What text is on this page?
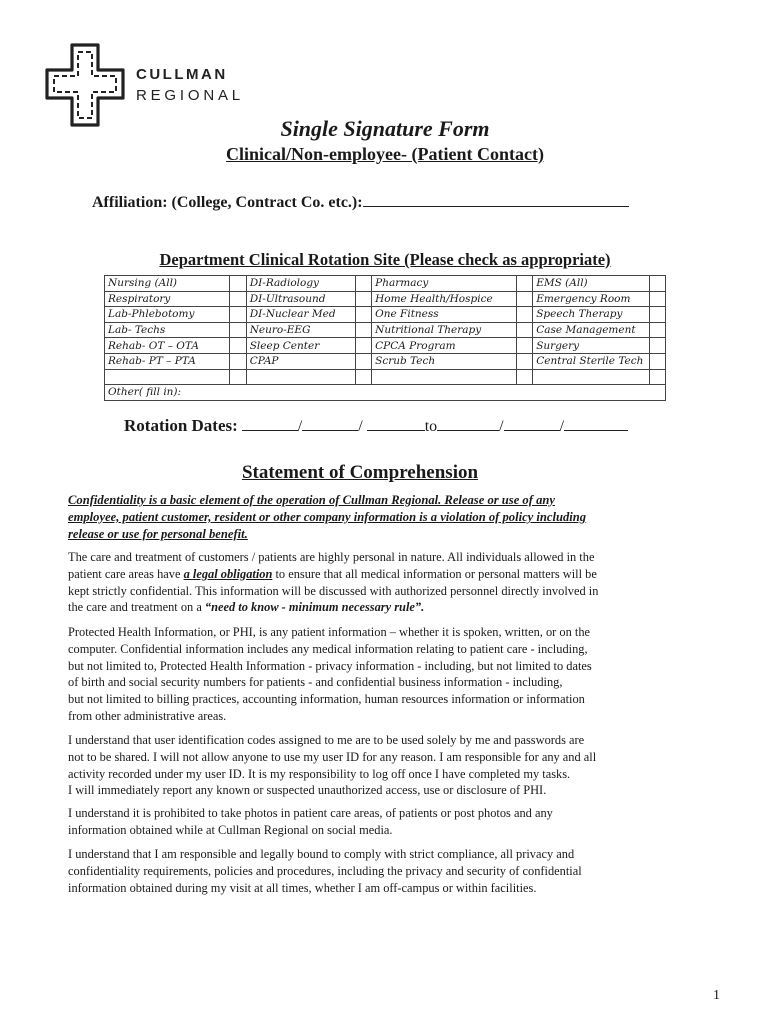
CULLMAN
REGIONAL
Single Signature Form
Clinical/Non-employee- (Patient Contact)
Affiliation: (College, Contract Co. etc.):
Department Clinical Rotation Site (Please check as appropriate)
Nursing (All)		DI-Radiology		Pharmacy		EMS (All)	
Respiratory		DI-Ultrasound		Home Health/Hospice		Emergency Room	
Lab-Phlebotomy		DI-Nuclear Med		One Fitness		Speech Therapy	
Lab- Techs		Neuro-EEG		Nutritional Therapy		Case Management	
Rehab- OT – OTA		Sleep Center		CPCA Program		Surgery	
Rehab- PT – PTA		CPAP		Scrub Tech		Central Sterile Tech	

Other( fill in):							
Rotation Dates:	/	/	to	/	/
Statement of Comprehension
Confidentiality is a basic element of the operation of Cullman Regional. Release or use of any
employee, patient customer, resident or other company information is a violation of policy including
release or use for personal benefit.
The care and treatment of customers / patients are highly personal in nature. All individuals allowed in the
patient care areas have a legal obligation to ensure that all medical information or personal matters will be
kept strictly confidential. This information will be discussed with authorized personnel directly involved in
the care and treatment on a “need to know - minimum necessary rule”.
Protected Health Information, or PHI, is any patient information – whether it is spoken, written, or on the
computer. Confidential information includes any medical information relating to patient care - including,
but not limited to, Protected Health Information - privacy information - including, but not limited to dates
of birth and social security numbers for patients - and confidential business information - including,
but not limited to billing practices, accounting information, human resources information or information
from other administrative areas.
I understand that user identification codes assigned to me are to be used solely by me and passwords are
not to be shared. I will not allow anyone to use my user ID for any reason. I am responsible for any and all
activity recorded under my user ID. It is my responsibility to log off once I have completed my tasks.
I will immediately report any known or suspected unauthorized access, use or disclosure of PHI.
I understand it is prohibited to take photos in patient care areas, of patients or post photos and any
information obtained while at Cullman Regional on social media.
I understand that I am responsible and legally bound to comply with strict compliance, all privacy and
confidentiality requirements, policies and procedures, including the privacy and security of confidential
information obtained during my visit at all times, whether I am off-campus or within facilities.
1
